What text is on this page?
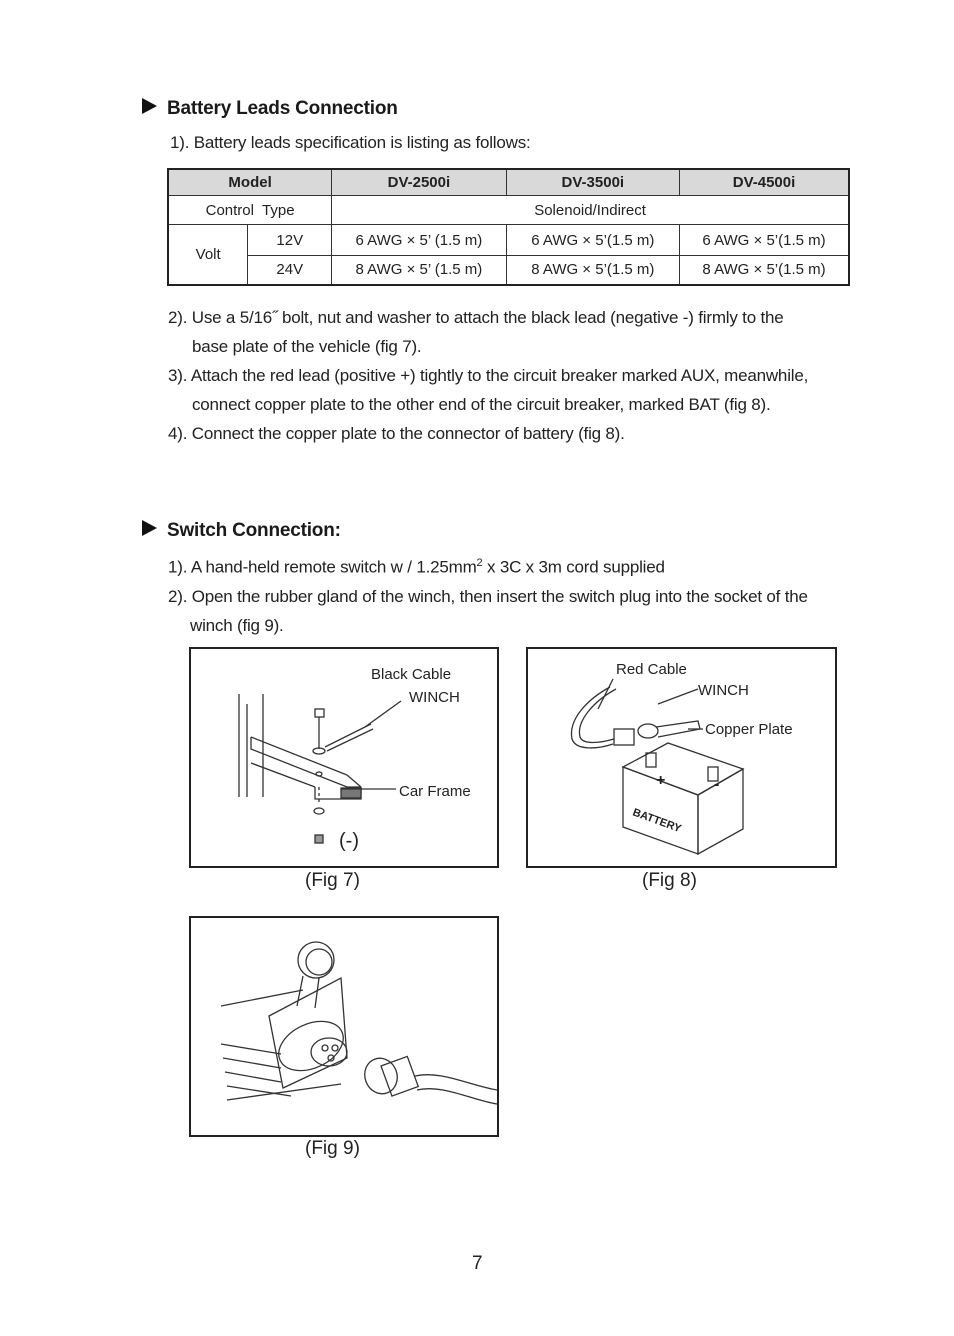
Battery Leads Connection
1). Battery leads specification is listing as follows:
Model		DV-2500i	DV-3500i	DV-4500i
Control  Type		Solenoid/Indirect		
Volt	12V	6 AWG × 5’ (1.5 m)	6 AWG × 5’(1.5 m)	6 AWG × 5’(1.5 m)
	24V	8 AWG × 5’ (1.5 m)	8 AWG × 5’(1.5 m)	8 AWG × 5’(1.5 m)
2). Use a 5/16˝ bolt, nut and washer to attach the black lead (negative -) firmly to the
base plate of the vehicle (fig 7).
3). Attach the red lead (positive +) tightly to the circuit breaker marked AUX, meanwhile,
connect copper plate to the other end of the circuit breaker, marked BAT (fig 8).
4). Connect the copper plate to the connector of battery (fig 8).
Switch Connection:
1). A hand-held remote switch w / $1.25mm^2$ x 3C x 3m cord supplied
2). Open the rubber gland of the winch, then insert the switch plug into the socket of the
winch (fig 9).
Black Cable
WINCH
Car Frame
(-)
(Fig 7)
Red Cable
WINCH
Copper Plate
+	-
BATTERY
(Fig 8)
(Fig 9)
7
